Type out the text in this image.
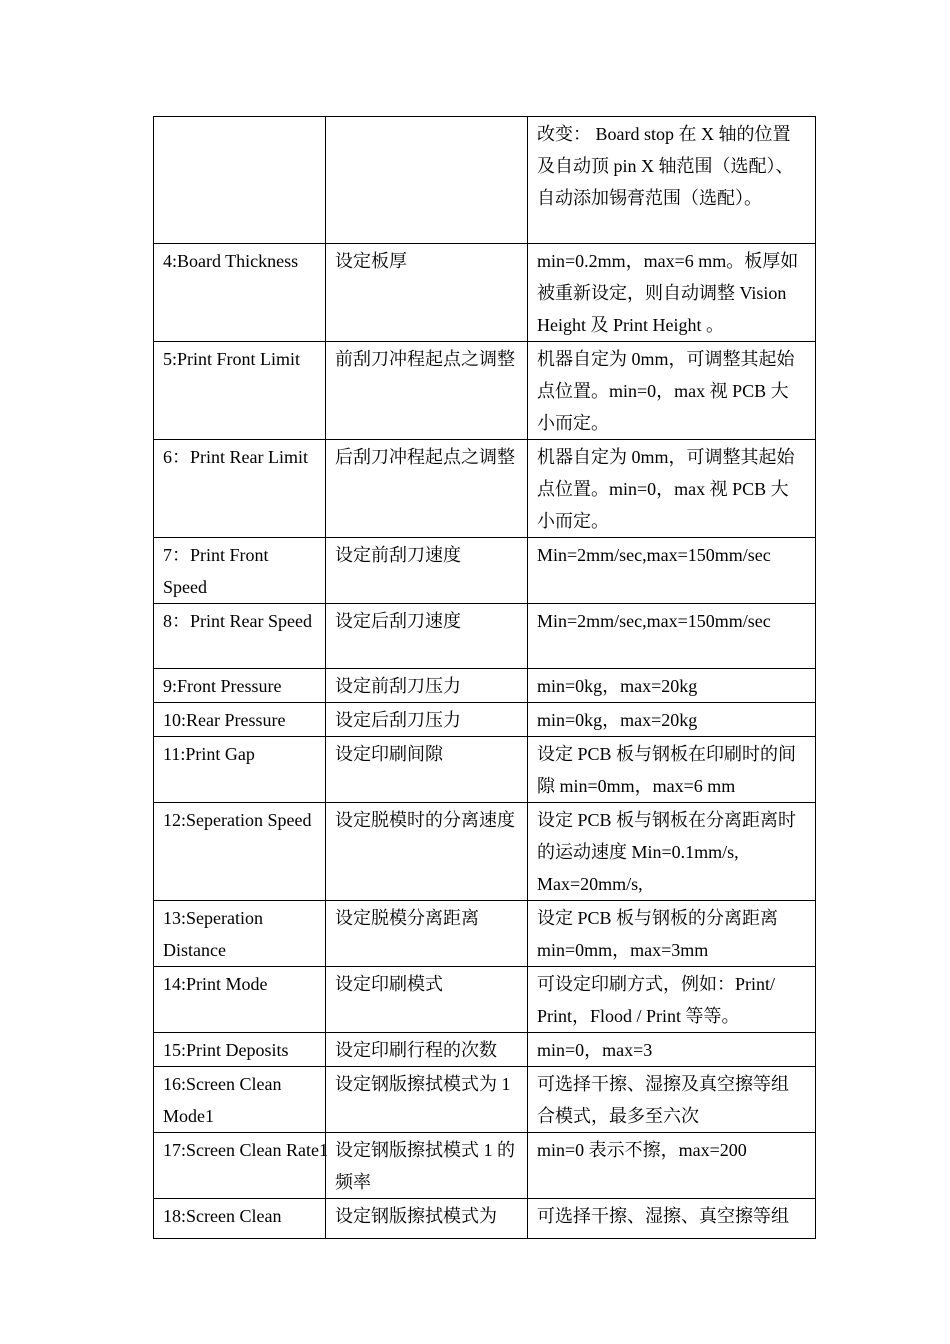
		改变： Board stop 在 X 轴的位置及自动顶 pin X 轴范围（选配）、自动添加锡膏范围（选配）。
4:Board Thickness	设定板厚	min=0.2mm，max=6 mm。板厚如被重新设定，则自动调整 Vision Height 及 Print Height 。
5:Print Front Limit	前刮刀冲程起点之调整	机器自定为 0mm，可调整其起始点位置。min=0，max 视 PCB 大小而定。
6：Print Rear Limit	后刮刀冲程起点之调整	机器自定为 0mm，可调整其起始点位置。min=0，max 视 PCB 大小而定。
7：Print Front Speed	设定前刮刀速度	Min=2mm/sec,max=150mm/sec
8：Print Rear Speed	设定后刮刀速度	Min=2mm/sec,max=150mm/sec
9:Front Pressure	设定前刮刀压力	min=0kg，max=20kg
10:Rear Pressure	设定后刮刀压力	min=0kg，max=20kg
11:Print Gap	设定印刷间隙	设定 PCB 板与钢板在印刷时的间隙 min=0mm，max=6 mm
12:Seperation Speed	设定脱模时的分离速度	设定 PCB 板与钢板在分离距离时的运动速度 Min=0.1mm/s, Max=20mm/s,
13:Seperation Distance	设定脱模分离距离	设定 PCB 板与钢板的分离距离 min=0mm，max=3mm
14:Print Mode	设定印刷模式	可设定印刷方式，例如：Print/ Print，Flood / Print 等等。
15:Print Deposits	设定印刷行程的次数	min=0，max=3
16:Screen Clean Mode1	设定钢版擦拭模式为 1	可选择干擦、湿擦及真空擦等组合模式，最多至六次
17:Screen Clean Rate1	设定钢版擦拭模式 1 的频率	min=0 表示不擦，max=200
18:Screen Clean	设定钢版擦拭模式为	可选择干擦、湿擦、真空擦等组
